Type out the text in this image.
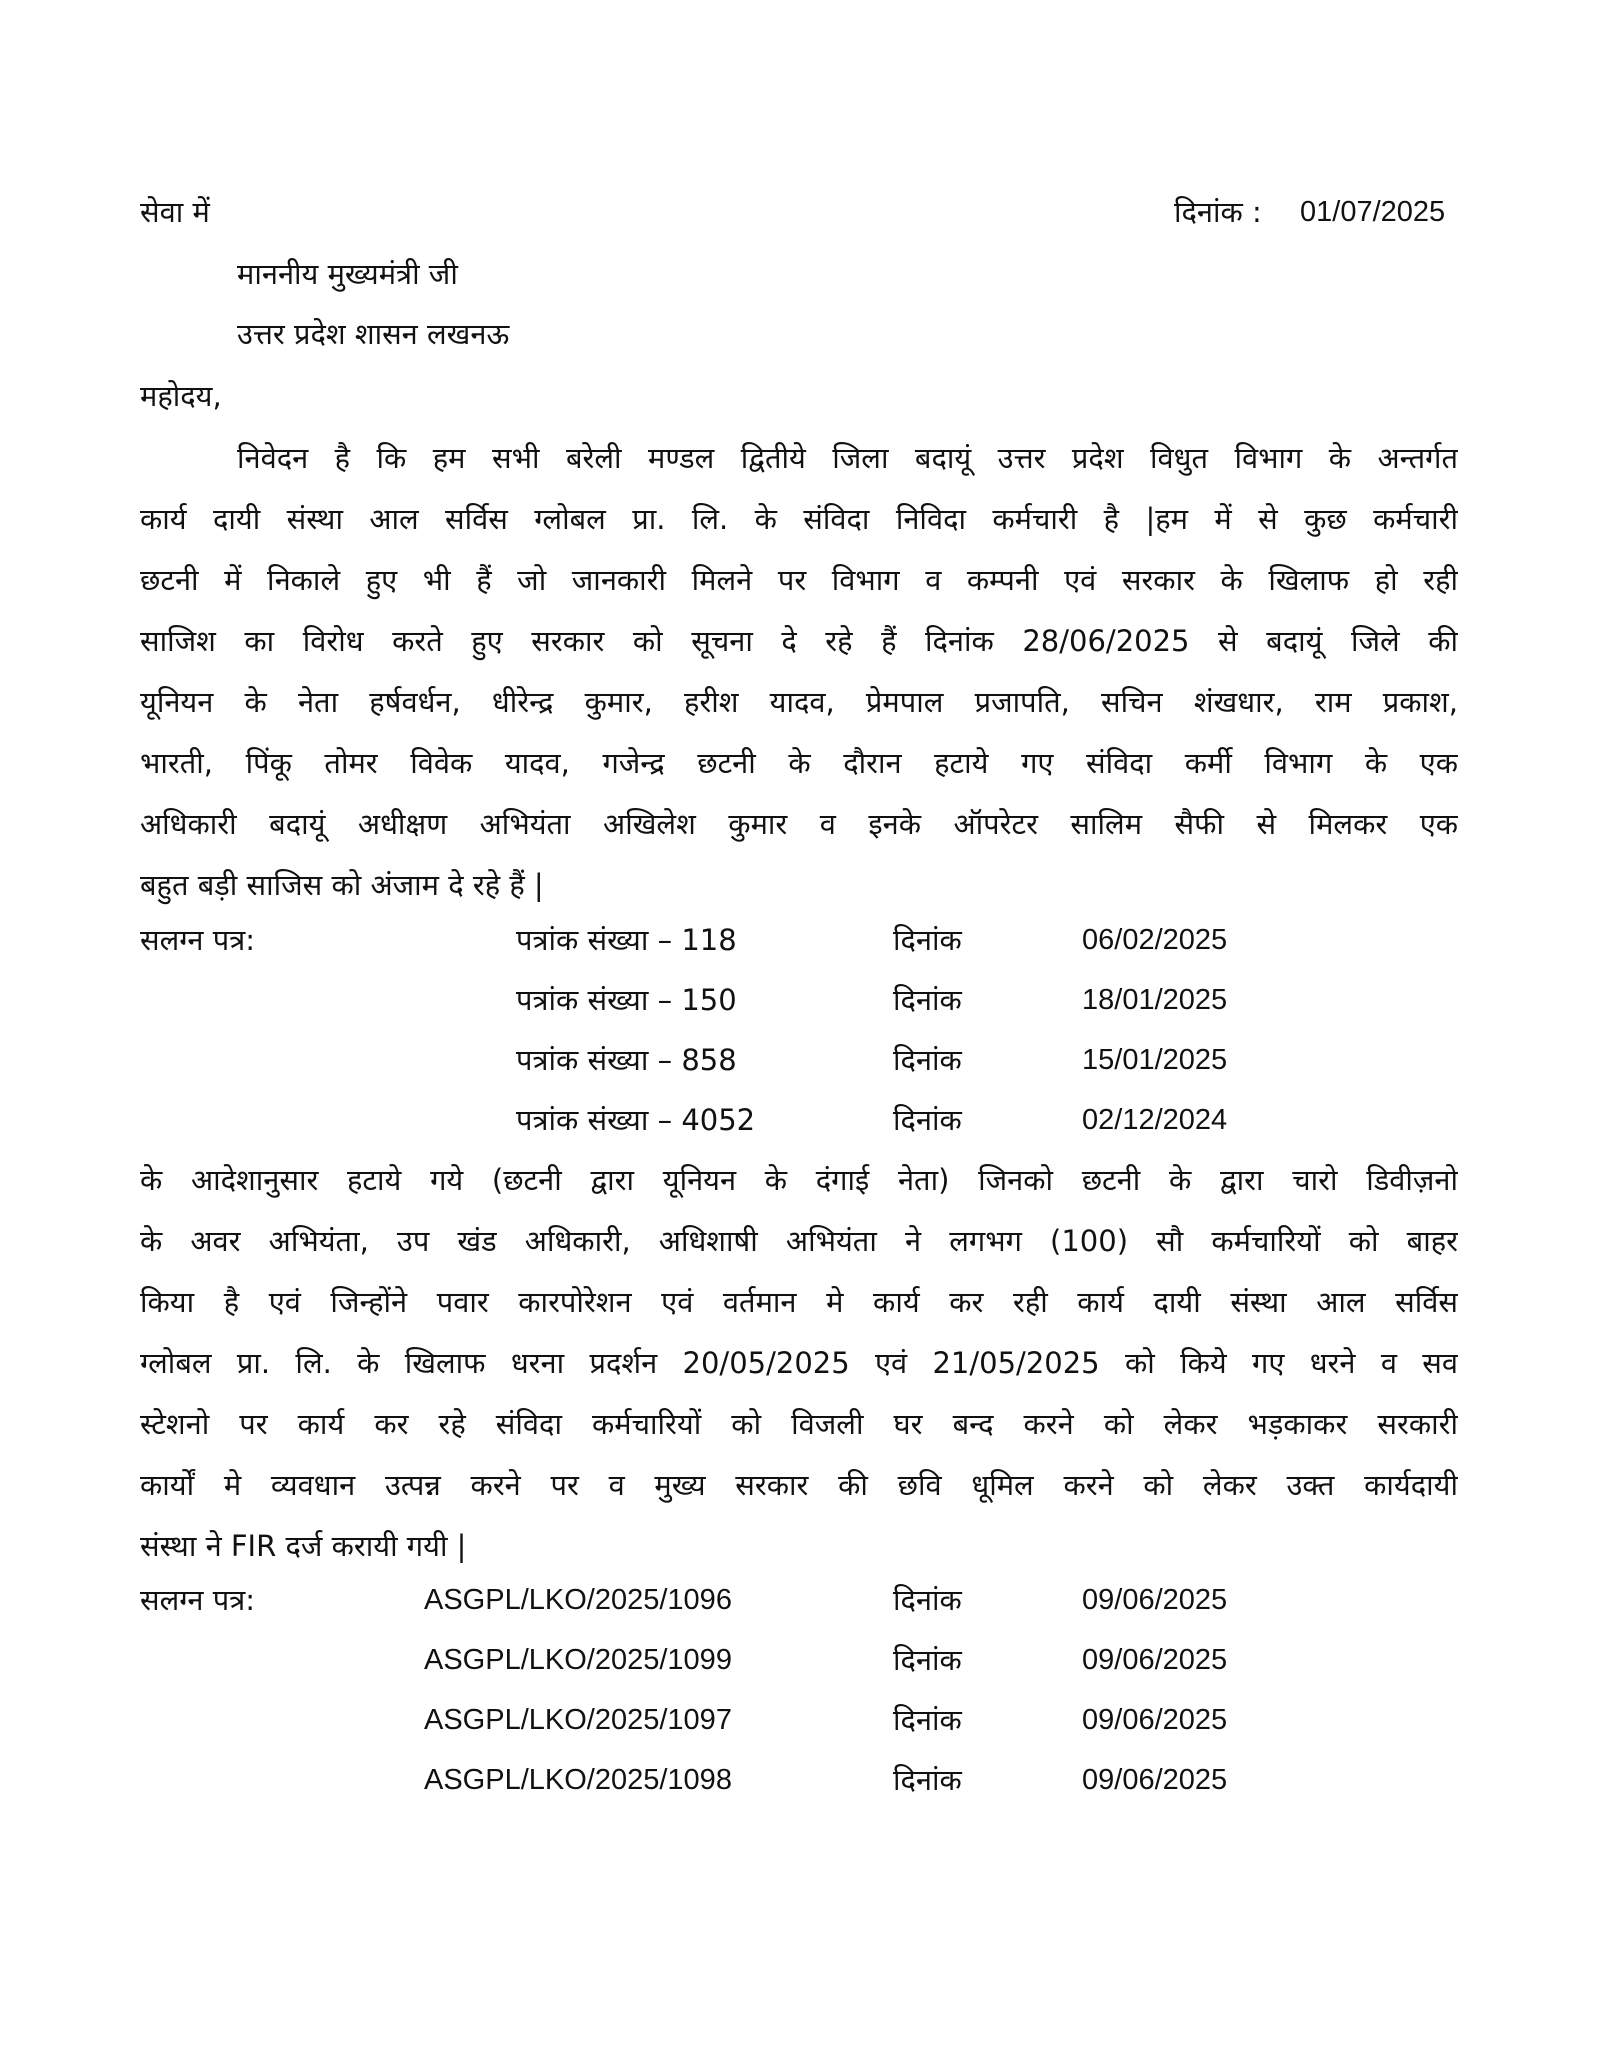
सेवा में	दिनांक : 01/07/2025
माननीय मुख्यमंत्री जी
उत्तर प्रदेश शासन लखनऊ
महोदय,
निवेदन है कि हम सभी बरेली मण्डल द्वितीये जिला बदायूं उत्तर प्रदेश विधुत विभाग के अन्तर्गत
कार्य दायी संस्था आल सर्विस ग्लोबल प्रा. लि. के संविदा निविदा कर्मचारी है |हम में से कुछ कर्मचारी
छटनी में निकाले हुए भी हैं जो जानकारी मिलने पर विभाग व कम्पनी एवं सरकार के खिलाफ हो रही
साजिश का विरोध करते हुए सरकार को सूचना दे रहे हैं दिनांक 28/06/2025 से बदायूं जिले की
यूनियन के नेता हर्षवर्धन, धीरेन्द्र कुमार, हरीश यादव, प्रेमपाल प्रजापति, सचिन शंखधार, राम प्रकाश,
भारती, पिंकू तोमर विवेक यादव, गजेन्द्र छटनी के दौरान हटाये गए संविदा कर्मी विभाग के एक
अधिकारी बदायूं अधीक्षण अभियंता अखिलेश कुमार व इनके ऑपरेटर सालिम सैफी से मिलकर एक
बहुत बड़ी साजिस को अंजाम दे रहे हैं |
सलग्न पत्र:	पत्रांक संख्या – 118	दिनांक	06/02/2025
पत्रांक संख्या – 150	दिनांक	18/01/2025
पत्रांक संख्या – 858	दिनांक	15/01/2025
पत्रांक संख्या – 4052	दिनांक	02/12/2024
के आदेशानुसार हटाये गये (छटनी द्वारा यूनियन के दंगाई नेता) जिनको छटनी के द्वारा चारो डिवीज़नो
के अवर अभियंता, उप खंड अधिकारी, अधिशाषी अभियंता ने लगभग (100) सौ कर्मचारियों को बाहर
किया है एवं जिन्होंने पवार कारपोरेशन एवं वर्तमान मे कार्य कर रही कार्य दायी संस्था आल सर्विस
ग्लोबल प्रा. लि. के खिलाफ धरना प्रदर्शन 20/05/2025 एवं 21/05/2025 को किये गए धरने व सव
स्टेशनो पर कार्य कर रहे संविदा कर्मचारियों को विजली घर बन्द करने को लेकर भड़काकर सरकारी
कार्यों मे व्यवधान उत्पन्न करने पर व मुख्य सरकार की छवि धूमिल करने को लेकर उक्त कार्यदायी
संस्था ने FIR दर्ज करायी गयी |
सलग्न पत्र:	ASGPL/LKO/2025/1096	दिनांक	09/06/2025
ASGPL/LKO/2025/1099	दिनांक	09/06/2025
ASGPL/LKO/2025/1097	दिनांक	09/06/2025
ASGPL/LKO/2025/1098	दिनांक	09/06/2025
